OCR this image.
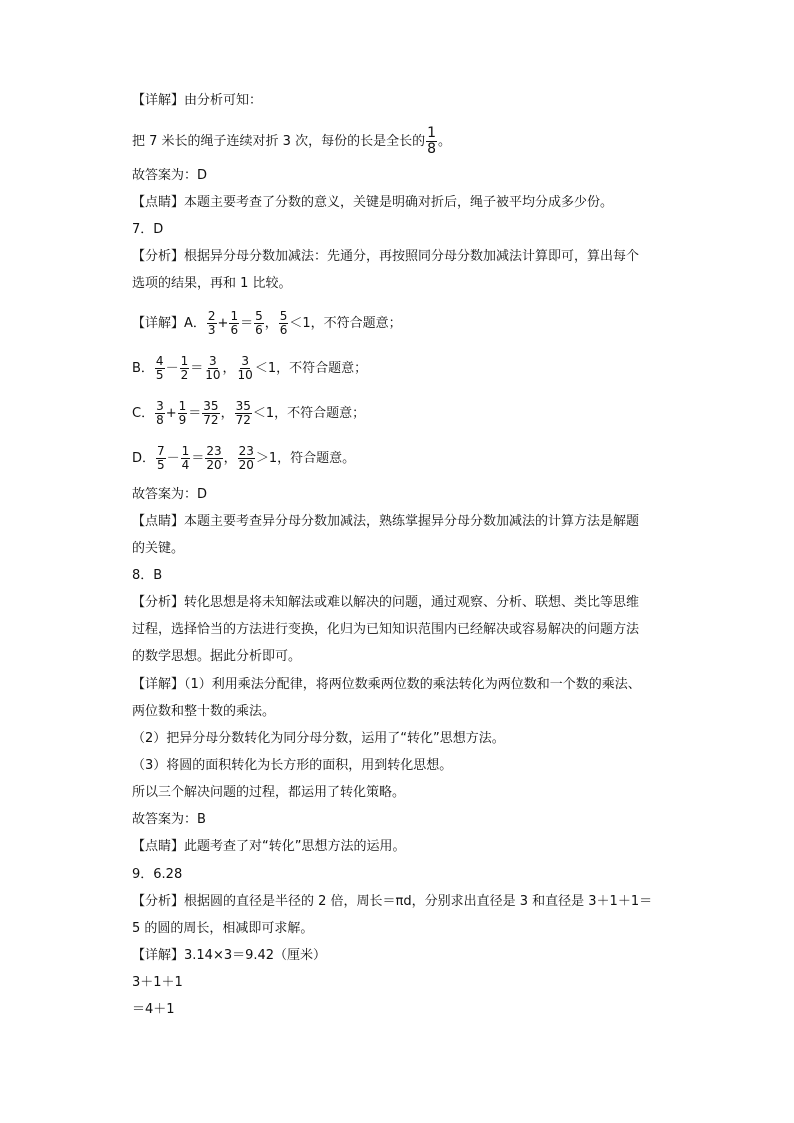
【详解】由分析可知：
把 7 米长的绳子连续对折 3 次，每份的长是全长的 $\frac{1}{8}$ 。
故答案为：D
【点睛】本题主要考查了分数的意义，关键是明确对折后，绳子被平均分成多少份。
7．D
【分析】根据异分母分数加减法：先通分，再按照同分母分数加减法计算即可，算出每个
选项的结果，再和 1 比较。
【详解】A． $\frac{2}{3} + \frac{1}{6} = \frac{5}{6}$ ， $\frac{5}{6} <1$，不符合题意；
B． $\frac{4}{5} - \frac{1}{2} = \frac{3}{10}$ ， $\frac{3}{10} <1$，不符合题意；
C． $\frac{3}{8} + \frac{1}{9} = \frac{35}{72}$ ， $\frac{35}{72} <1$，不符合题意；
D． $\frac{7}{5} - \frac{1}{4} = \frac{23}{20}$ ， $\frac{23}{20} >1$，符合题意。
故答案为：D
【点睛】本题主要考查异分母分数加减法，熟练掌握异分母分数加减法的计算方法是解题
的关键。
8．B
【分析】转化思想是将未知解法或难以解决的问题，通过观察、分析、联想、类比等思维
过程，选择恰当的方法进行变换，化归为已知知识范围内已经解决或容易解决的问题方法
的数学思想。据此分析即可。
【详解】（1）利用乘法分配律，将两位数乘两位数的乘法转化为两位数和一个数的乘法、
两位数和整十数的乘法。
（2）把异分母分数转化为同分母分数，运用了“转化”思想方法。
（3）将圆的面积转化为长方形的面积，用到转化思想。
所以三个解决问题的过程，都运用了转化策略。
故答案为：B
【点睛】此题考查了对“转化”思想方法的运用。
9．6.28
【分析】根据圆的直径是半径的 2 倍，周长＝πd，分别求出直径是 3 和直径是 3＋1＋1＝
5 的圆的周长，相减即可求解。
【详解】3.14×3＝9.42（厘米）
3＋1＋1
＝4＋1
